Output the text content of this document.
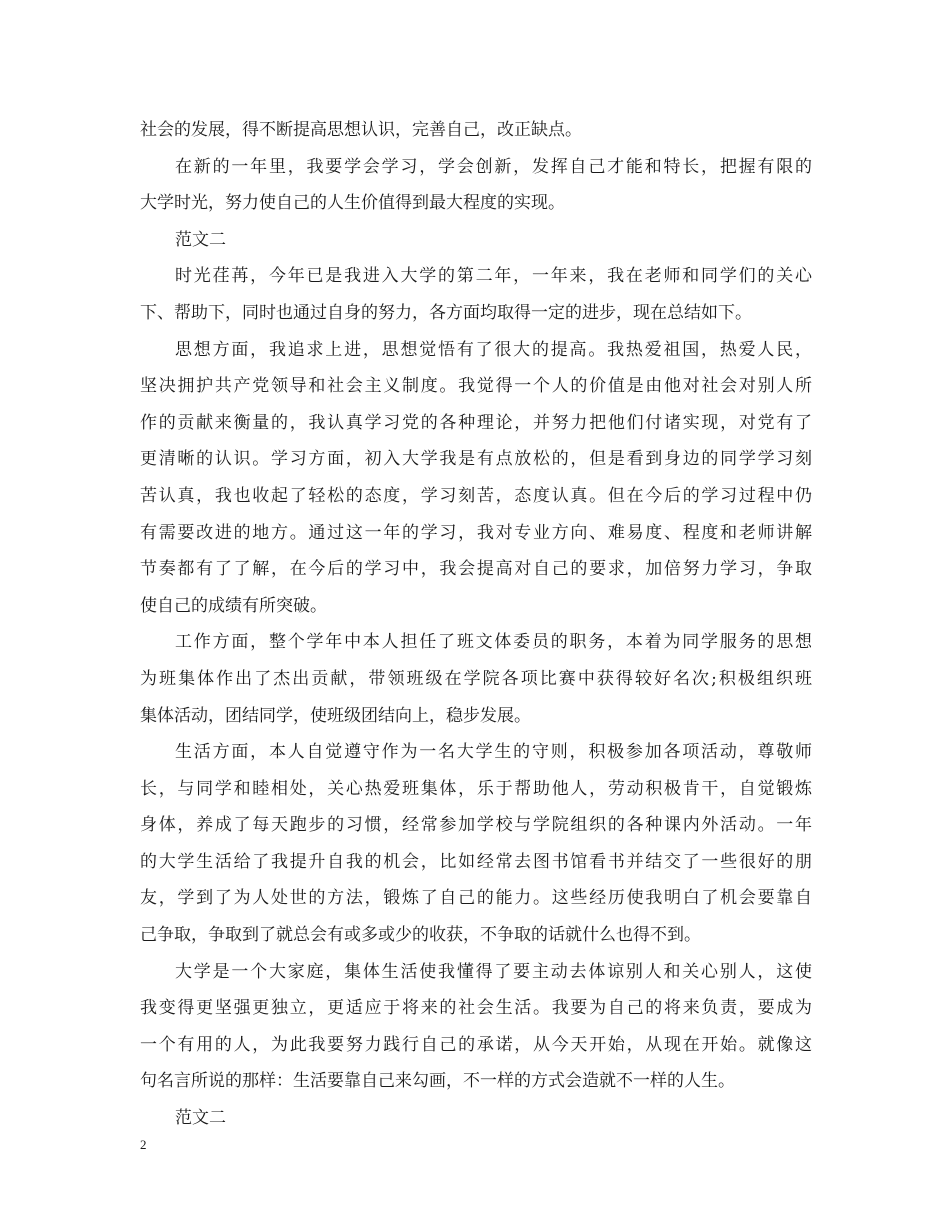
社会的发展，得不断提高思想认识，完善自己，改正缺点。
在新的一年里，我要学会学习，学会创新，发挥自己才能和特长，把握有限的
大学时光，努力使自己的人生价值得到最大程度的实现。
范文二
时光荏苒，今年已是我进入大学的第二年，一年来，我在老师和同学们的关心
下、帮助下，同时也通过自身的努力，各方面均取得一定的进步，现在总结如下。
思想方面，我追求上进，思想觉悟有了很大的提高。我热爱祖国，热爱人民，
坚决拥护共产党领导和社会主义制度。我觉得一个人的价值是由他对社会对别人所
作的贡献来衡量的，我认真学习党的各种理论，并努力把他们付诸实现，对党有了
更清晰的认识。学习方面，初入大学我是有点放松的，但是看到身边的同学学习刻
苦认真，我也收起了轻松的态度，学习刻苦，态度认真。但在今后的学习过程中仍
有需要改进的地方。通过这一年的学习，我对专业方向、难易度、程度和老师讲解
节奏都有了了解，在今后的学习中，我会提高对自己的要求，加倍努力学习，争取
使自己的成绩有所突破。
工作方面，整个学年中本人担任了班文体委员的职务，本着为同学服务的思想
为班集体作出了杰出贡献，带领班级在学院各项比赛中获得较好名次;积极组织班
集体活动，团结同学，使班级团结向上，稳步发展。
生活方面，本人自觉遵守作为一名大学生的守则，积极参加各项活动，尊敬师
长，与同学和睦相处，关心热爱班集体，乐于帮助他人，劳动积极肯干，自觉锻炼
身体，养成了每天跑步的习惯，经常参加学校与学院组织的各种课内外活动。一年
的大学生活给了我提升自我的机会，比如经常去图书馆看书并结交了一些很好的朋
友，学到了为人处世的方法，锻炼了自己的能力。这些经历使我明白了机会要靠自
己争取，争取到了就总会有或多或少的收获，不争取的话就什么也得不到。
大学是一个大家庭，集体生活使我懂得了要主动去体谅别人和关心别人，这使
我变得更坚强更独立，更适应于将来的社会生活。我要为自己的将来负责，要成为
一个有用的人，为此我要努力践行自己的承诺，从今天开始，从现在开始。就像这
句名言所说的那样：生活要靠自己来勾画，不一样的方式会造就不一样的人生。
范文二
2
